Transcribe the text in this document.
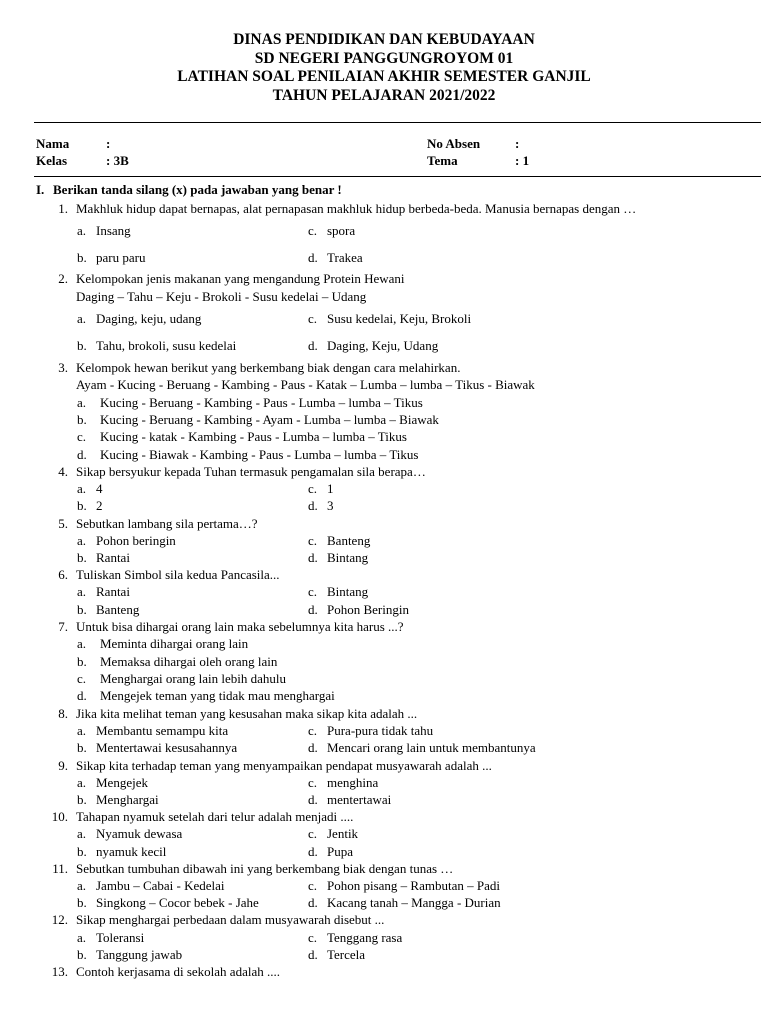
DINAS PENDIDIKAN DAN KEBUDAYAAN
SD NEGERI PANGGUNGROYOM 01
LATIHAN SOAL PENILAIAN AKHIR SEMESTER GANJIL
TAHUN PELAJARAN 2021/2022
Nama	:
Kelas	: 3B
No Absen	:
Tema	: 1
I. Berikan tanda silang (x) pada jawaban yang benar !
1. Makhluk hidup dapat bernapas, alat pernapasan makhluk hidup berbeda-beda. Manusia bernapas dengan …
a. Insang	c. spora
b. paru paru	d. Trakea
2. Kelompokan jenis makanan yang mengandung Protein Hewani
Daging – Tahu – Keju - Brokoli - Susu kedelai – Udang
a. Daging, keju, udang	c. Susu kedelai, Keju, Brokoli
b. Tahu, brokoli, susu kedelai	d. Daging, Keju, Udang
3. Kelompok hewan berikut yang berkembang biak dengan cara melahirkan.
Ayam - Kucing - Beruang - Kambing - Paus - Katak – Lumba – lumba – Tikus - Biawak
a. Kucing - Beruang - Kambing - Paus - Lumba – lumba – Tikus
b. Kucing - Beruang - Kambing - Ayam - Lumba – lumba – Biawak
c. Kucing - katak - Kambing - Paus - Lumba – lumba – Tikus
d. Kucing - Biawak - Kambing - Paus - Lumba – lumba – Tikus
4. Sikap bersyukur kepada Tuhan termasuk pengamalan sila berapa…
a. 4	c. 1
b. 2	d. 3
5. Sebutkan lambang sila pertama…?
a. Pohon beringin	c. Banteng
b. Rantai	d. Bintang
6. Tuliskan Simbol sila kedua Pancasila...
a. Rantai	c. Bintang
b. Banteng	d. Pohon Beringin
7. Untuk bisa dihargai orang lain maka sebelumnya kita harus ...?
a. Meminta dihargai orang lain
b. Memaksa dihargai oleh orang lain
c. Menghargai orang lain lebih dahulu
d. Mengejek teman yang tidak mau menghargai
8. Jika kita melihat teman yang kesusahan maka sikap kita adalah ...
a. Membantu semampu kita	c. Pura-pura tidak tahu
b. Mentertawai kesusahannya	d. Mencari orang lain untuk membantunya
9. Sikap kita terhadap teman yang menyampaikan pendapat musyawarah adalah ...
a. Mengejek	c. menghina
b. Menghargai	d. mentertawai
10. Tahapan nyamuk setelah dari telur adalah menjadi ....
a. Nyamuk dewasa	c. Jentik
b. nyamuk kecil	d. Pupa
11. Sebutkan tumbuhan dibawah ini yang berkembang biak dengan tunas …
a. Jambu – Cabai - Kedelai	c. Pohon pisang – Rambutan – Padi
b. Singkong – Cocor bebek - Jahe	d. Kacang tanah – Mangga - Durian
12. Sikap menghargai perbedaan dalam musyawarah disebut ...
a. Toleransi	c. Tenggang rasa
b. Tanggung jawab	d. Tercela
13. Contoh kerjasama di sekolah adalah ....
